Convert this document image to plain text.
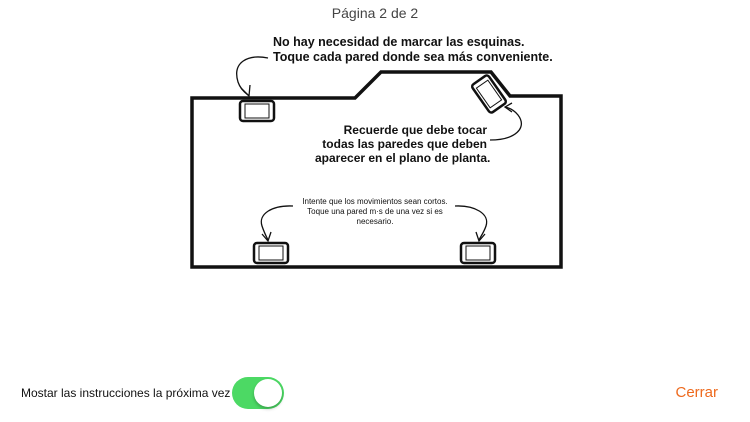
Página 2 de 2
No hay necesidad de marcar las esquinas.
Toque cada pared donde sea más conveniente.
Recuerde que debe tocar
todas las paredes que deben
aparecer en el plano de planta.
Intente que los movimientos sean cortos.
Toque una pared m·s de una vez si es
necesario.
Mostar las instrucciones la próxima vez	Cerrar
